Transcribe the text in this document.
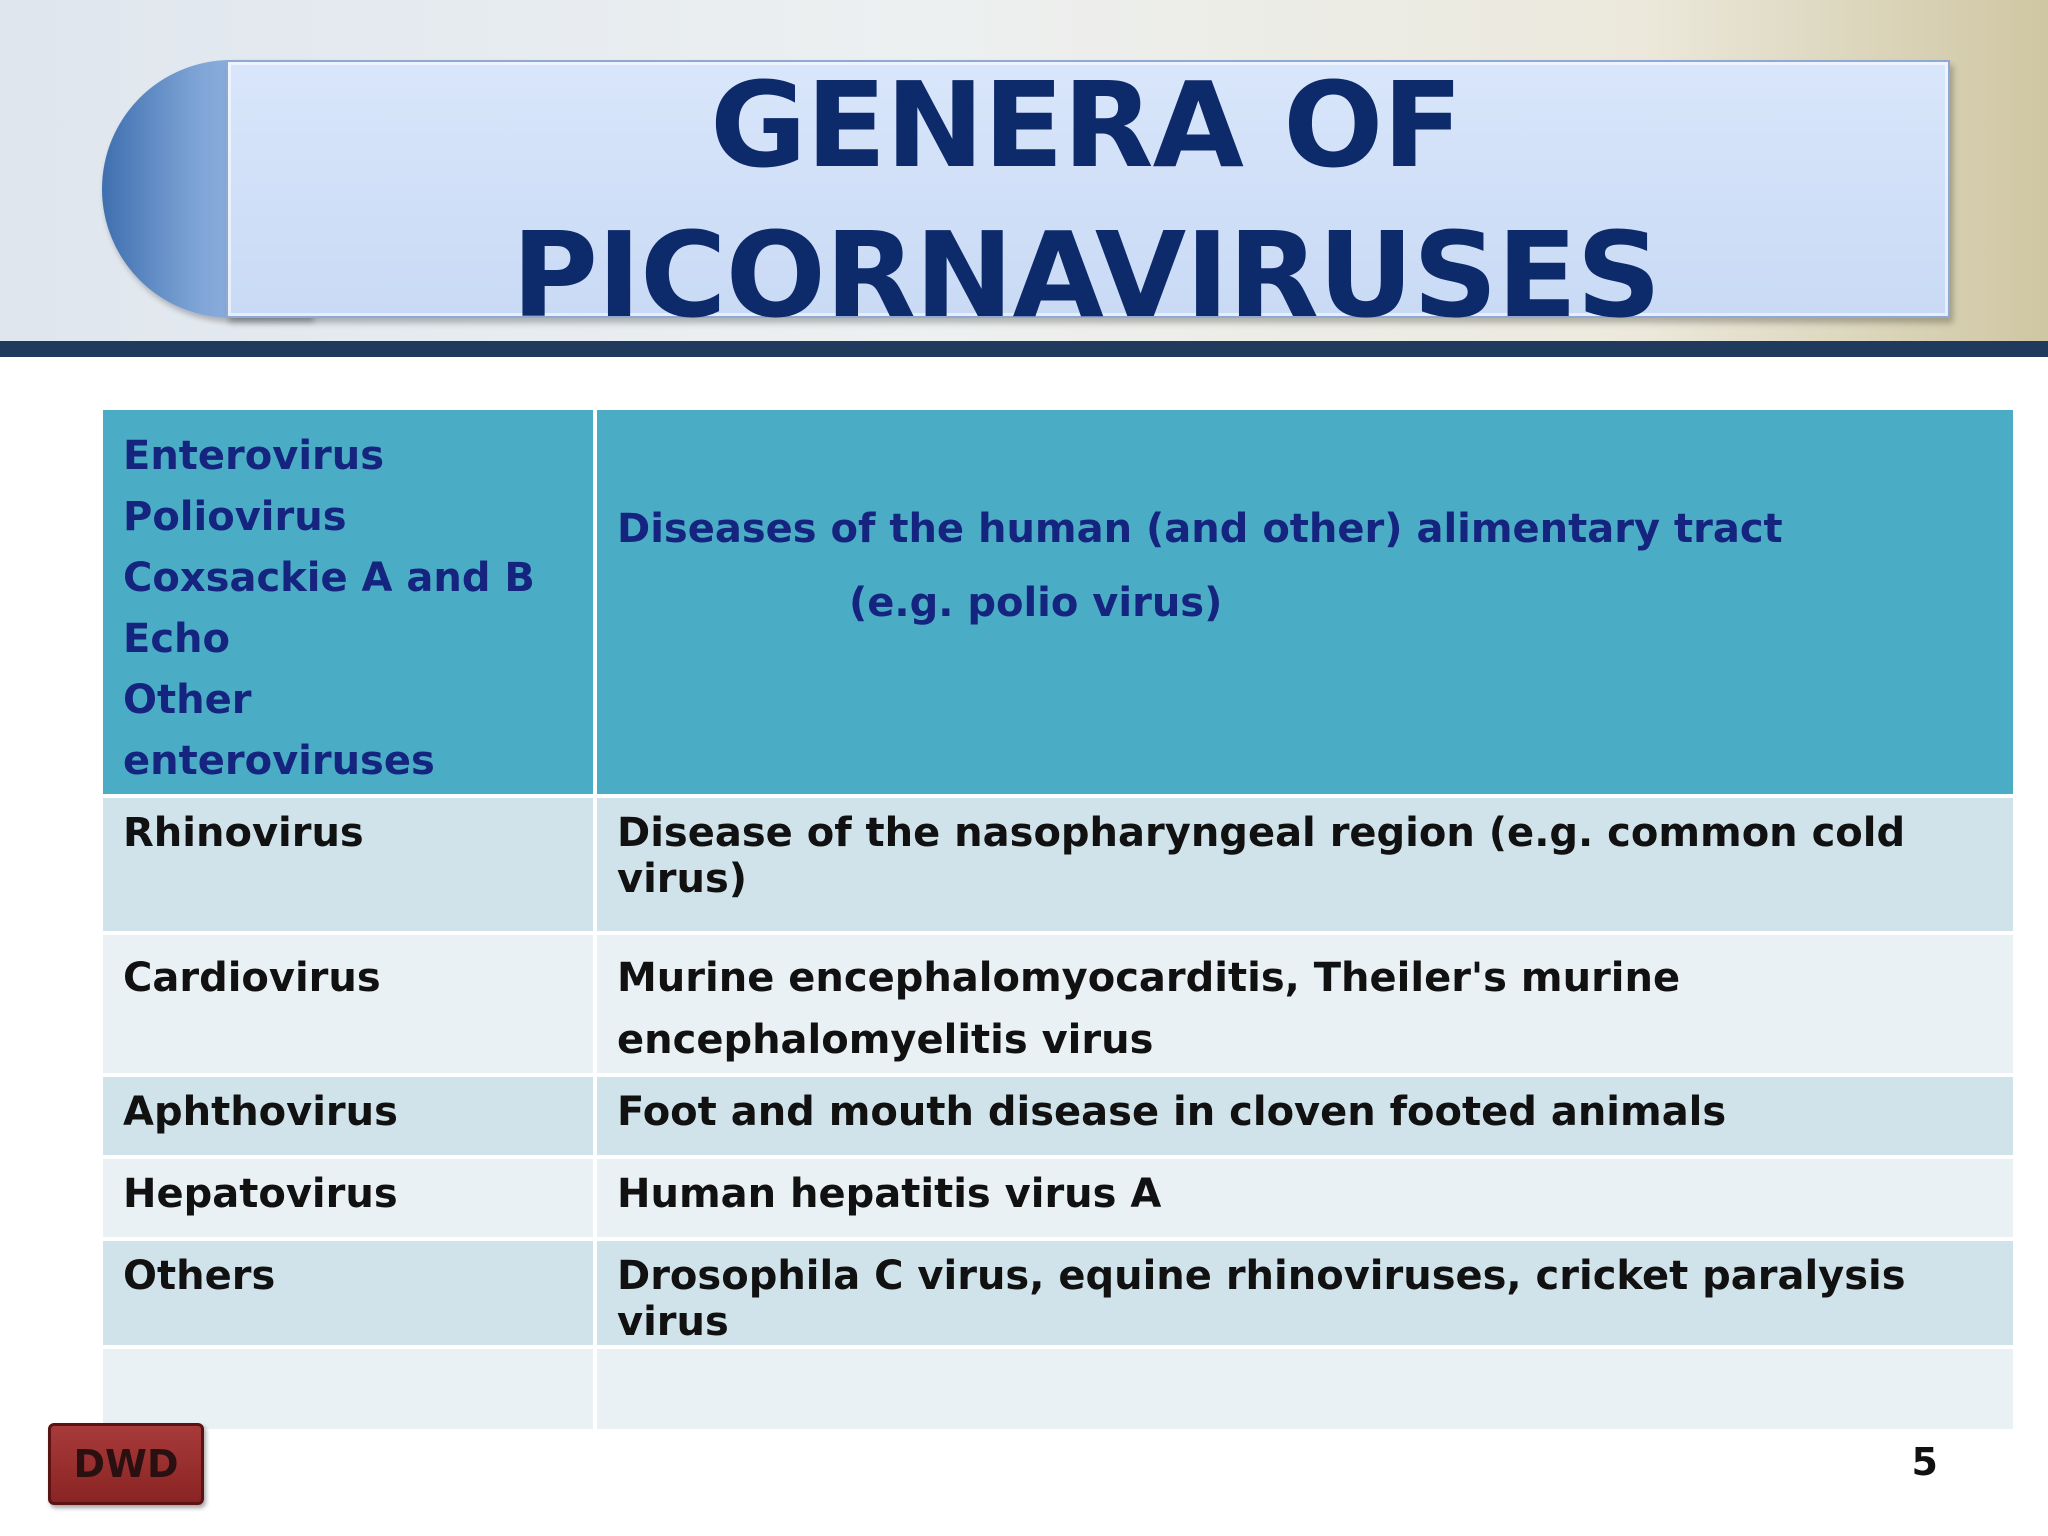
GENERA OF
PICORNAVIRUSES
Enterovirus
Poliovirus
Coxsackie A and B
Echo
Other enteroviruses	Diseases of the human (and other) alimentary tract
(e.g. polio virus)

Rhinovirus	Disease of the nasopharyngeal region (e.g. common cold virus)

Cardiovirus	Murine encephalomyocarditis, Theiler's murine
encephalomyelitis virus

Aphthovirus	Foot and mouth disease in cloven footed animals

Hepatovirus	Human hepatitis virus A

Others	Drosophila C virus, equine rhinoviruses, cricket paralysis virus

DWD	5
